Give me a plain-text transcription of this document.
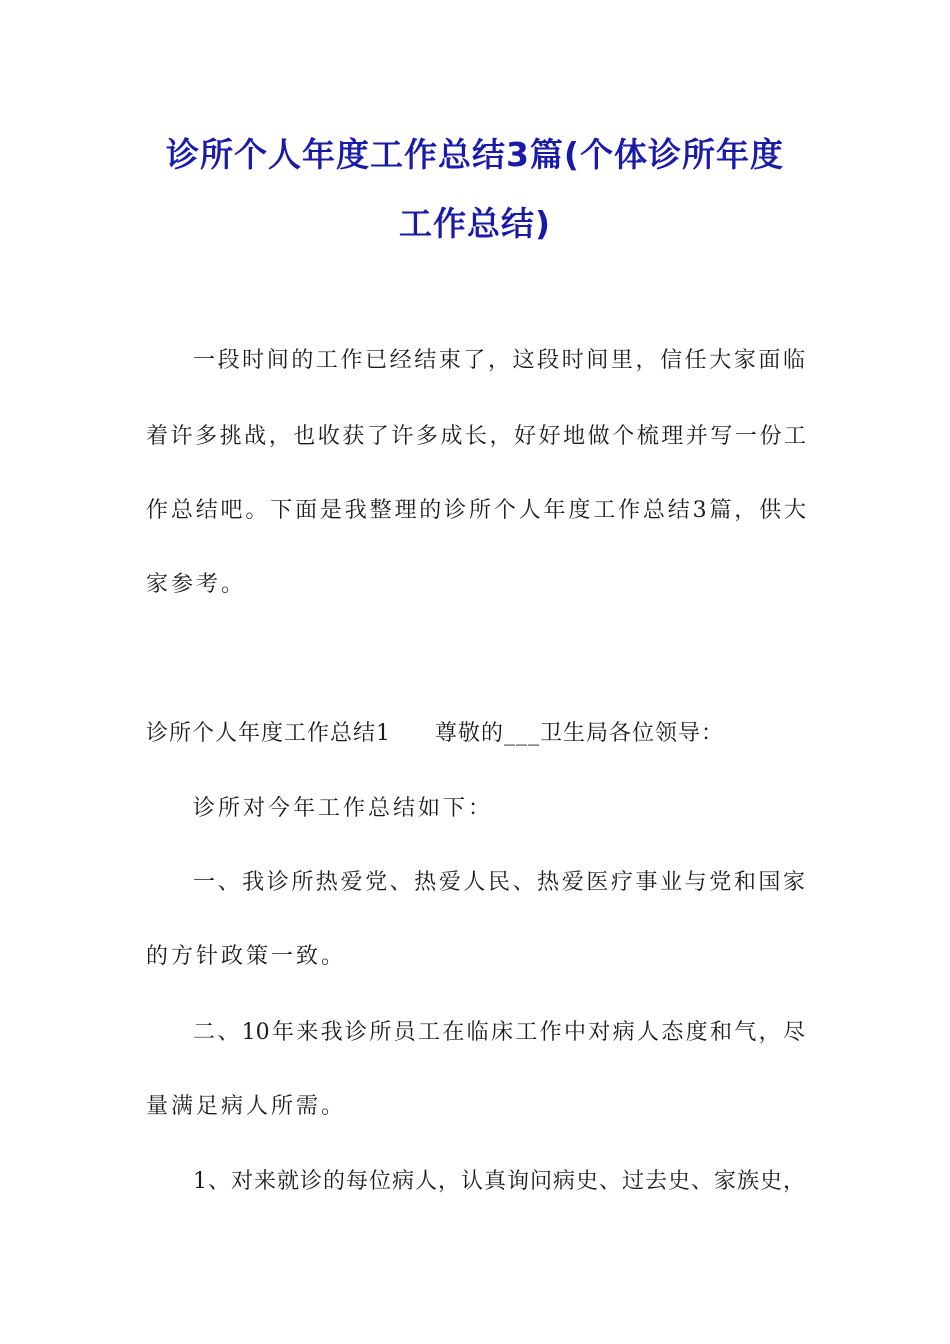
诊所个人年度工作总结3篇(个体诊所年度
工作总结)
一段时间的工作已经结束了，这段时间里，信任大家面临
着许多挑战，也收获了许多成长，好好地做个梳理并写一份工
作总结吧。下面是我整理的诊所个人年度工作总结3篇，供大
家参考。
诊所个人年度工作总结1 尊敬的___卫生局各位领导：
诊所对今年工作总结如下：
一、我诊所热爱党、热爱人民、热爱医疗事业与党和国家
的方针政策一致。
二、10年来我诊所员工在临床工作中对病人态度和气，尽
量满足病人所需。
1、对来就诊的每位病人，认真询问病史、过去史、家族史，
